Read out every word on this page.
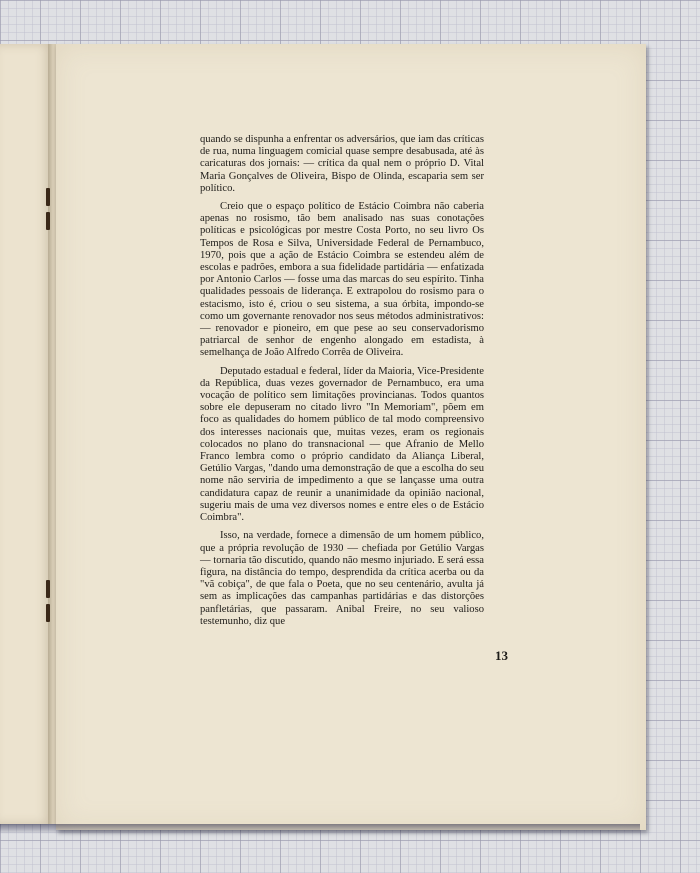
quando se dispunha a enfrentar os adversários, que iam das críticas de rua, numa linguagem comicial quase sempre desabusada, até às caricaturas dos jornais: — crítica da qual nem o próprio D. Vital Maria Gonçalves de Oliveira, Bispo de Olinda, escaparia sem ser político.

Creio que o espaço político de Estácio Coimbra não caberia apenas no rosismo, tão bem analisado nas suas conotações políticas e psicológicas por mestre Costa Porto, no seu livro Os Tempos de Rosa e Silva, Universidade Federal de Pernambuco, 1970, pois que a ação de Estácio Coimbra se estendeu além de escolas e padrões, embora a sua fidelidade partidária — enfatizada por Antonio Carlos — fosse uma das marcas do seu espírito. Tinha qualidades pessoais de liderança. E extrapolou do rosismo para o estacismo, isto é, criou o seu sistema, a sua órbita, impondo-se como um governante renovador nos seus métodos administrativos: — renovador e pioneiro, em que pese ao seu conservadorismo patriarcal de senhor de engenho alongado em estadista, à semelhança de João Alfredo Corrêa de Oliveira.

Deputado estadual e federal, líder da Maioria, Vice-Presidente da República, duas vezes governador de Pernambuco, era uma vocação de político sem limitações provincianas. Todos quantos sobre ele depuseram no citado livro "In Memoriam", põem em foco as qualidades do homem público de tal modo compreensivo dos interesses nacionais que, muitas vezes, eram os regionais colocados no plano do transnacional — que Afranio de Mello Franco lembra como o próprio candidato da Aliança Liberal, Getúlio Vargas, "dando uma demonstração de que a escolha do seu nome não serviria de impedimento a que se lançasse uma outra candidatura capaz de reunir a unanimidade da opinião nacional, sugeriu mais de uma vez diversos nomes e entre eles o de Estácio Coimbra".

Isso, na verdade, fornece a dimensão de um homem público, que a própria revolução de 1930 — chefiada por Getúlio Vargas — tornaria tão discutido, quando não mesmo injuriado. E será essa figura, na distância do tempo, desprendida da crítica acerba ou da "vã cobiça", de que fala o Poeta, que no seu centenário, avulta já sem as implicações das campanhas partidárias e das distorções panfletárias, que passaram. Anibal Freire, no seu valioso testemunho, diz que

13
